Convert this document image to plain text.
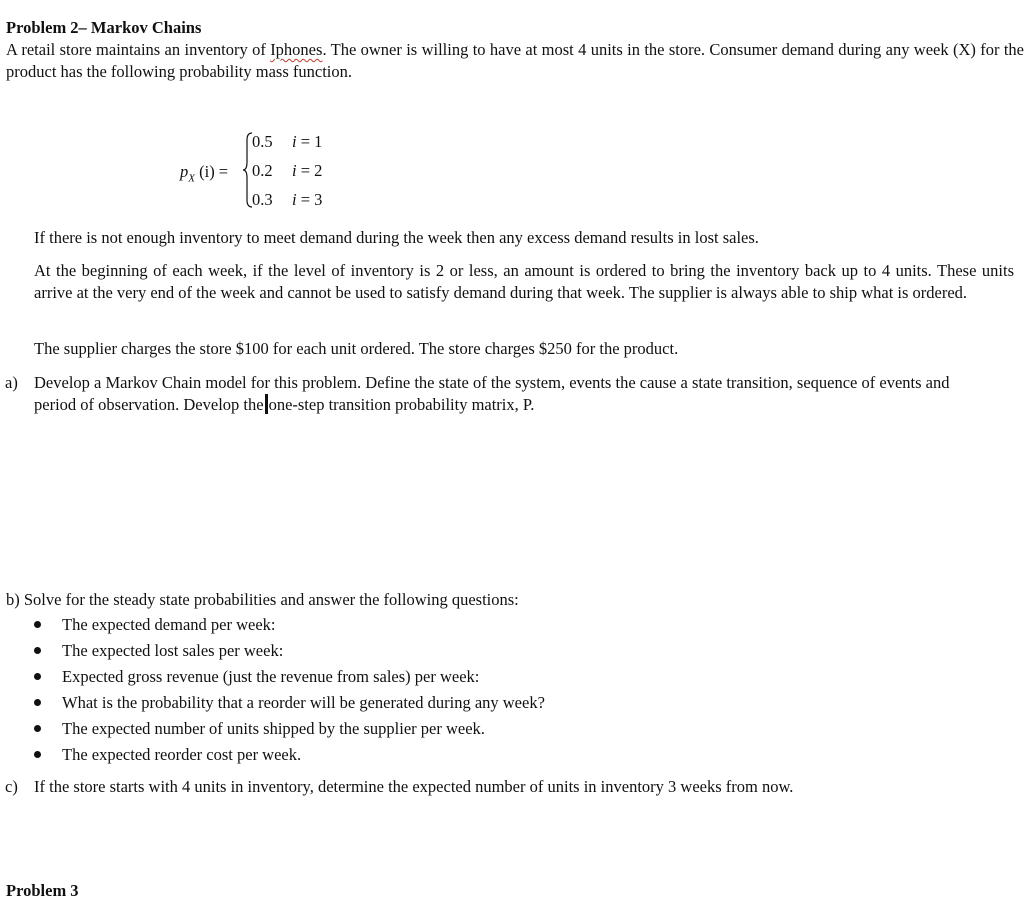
Problem 2– Markov Chains
A retail store maintains an inventory of Iphones. The owner is willing to have at most 4 units in the store. Consumer demand during any week (X) for the product has the following probability mass function.
$p_X$ (i) =
0.5 i = 1
0.2 i = 2
0.3 i = 3
If there is not enough inventory to meet demand during the week then any excess demand results in lost sales.
At the beginning of each week, if the level of inventory is 2 or less, an amount is ordered to bring the inventory back up to 4 units. These units arrive at the very end of the week and cannot be used to satisfy demand during that week. The supplier is always able to ship what is ordered.
The supplier charges the store $100 for each unit ordered. The store charges $250 for the product.
a) Develop a Markov Chain model for this problem. Define the state of the system, events the cause a state transition, sequence of events and period of observation. Develop the one-step transition probability matrix, P.
b) Solve for the steady state probabilities and answer the following questions:
The expected demand per week:
The expected lost sales per week:
Expected gross revenue (just the revenue from sales) per week:
What is the probability that a reorder will be generated during any week?
The expected number of units shipped by the supplier per week.
The expected reorder cost per week.
c) If the store starts with 4 units in inventory, determine the expected number of units in inventory 3 weeks from now.
Problem 3
